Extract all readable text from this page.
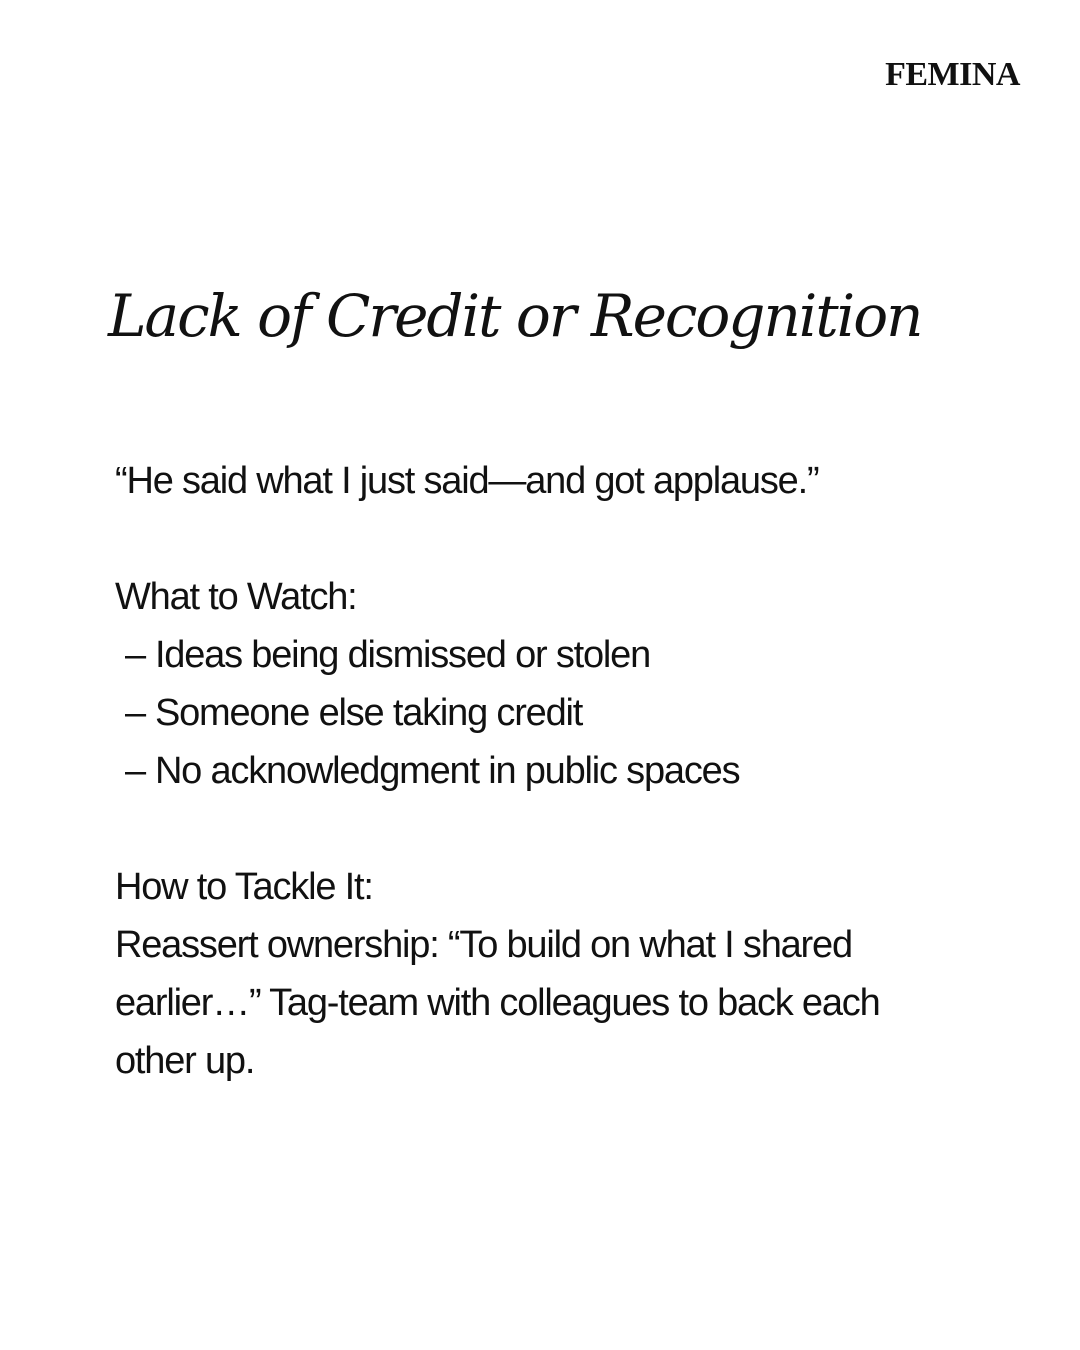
FEMINA
Lack of Credit or Recognition

“He said what I just said—and got applause.”

What to Watch:

– Ideas being dismissed or stolen
– Someone else taking credit
– No acknowledgment in public spaces

How to Tackle It:

Reassert ownership: “To build on what I shared earlier…” Tag-team with colleagues to back each other up.
